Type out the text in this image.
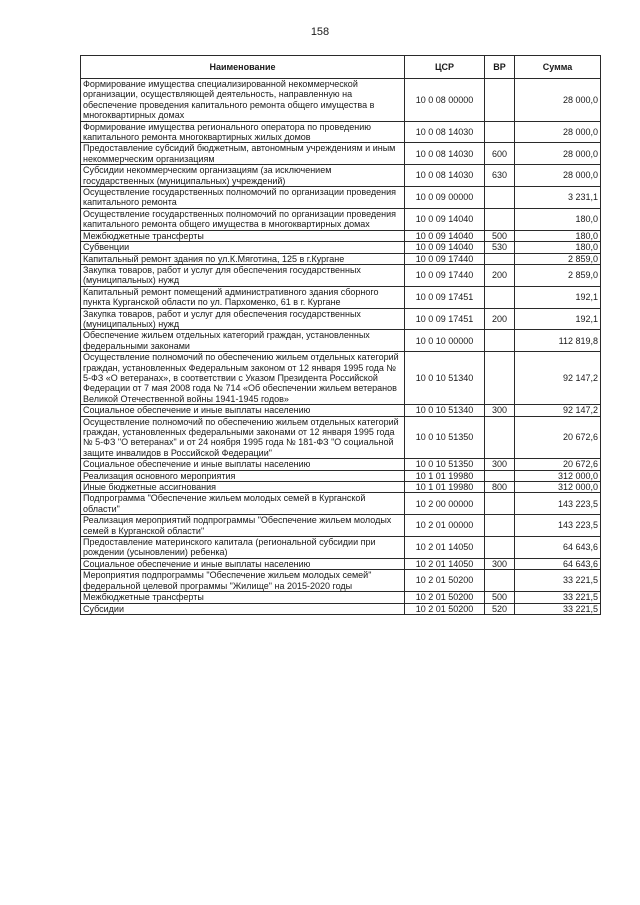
158
Наименование	ЦСР	ВР	Сумма
Формирование имущества специализированной некоммерческой организации, осуществляющей деятельность, направленную на обеспечение проведения капитального ремонта общего имущества в многоквартирных домах	10 0 08 00000		28 000,0
Формирование имущества регионального оператора по проведению капитального ремонта многоквартирных жилых домов	10 0 08 14030		28 000,0
Предоставление субсидий бюджетным, автономным учреждениям и иным некоммерческим организациям	10 0 08 14030	600	28 000,0
Субсидии некоммерческим организациям (за исключением государственных (муниципальных) учреждений)	10 0 08 14030	630	28 000,0
Осуществление государственных полномочий по организации проведения капитального ремонта	10 0 09 00000		3 231,1
Осуществление государственных полномочий по организации проведения капитального ремонта общего имущества в многоквартирных домах	10 0 09 14040		180,0
Межбюджетные трансферты	10 0 09 14040	500	180,0
Субвенции	10 0 09 14040	530	180,0
Капитальный ремонт здания по ул.К.Мяготина, 125 в г.Кургане	10 0 09 17440		2 859,0
Закупка товаров, работ и услуг для обеспечения государственных (муниципальных) нужд	10 0 09 17440	200	2 859,0
Капитальный ремонт помещений административного здания сборного пункта Курганской области по ул. Пархоменко, 61 в г. Кургане	10 0 09 17451		192,1
Закупка товаров, работ и услуг для обеспечения государственных (муниципальных) нужд	10 0 09 17451	200	192,1
Обеспечение жильем отдельных категорий граждан, установленных федеральными законами	10 0 10 00000		112 819,8
Осуществление полномочий по обеспечению жильем отдельных категорий граждан, установленных Федеральным законом от 12 января 1995 года № 5-ФЗ «О ветеранах», в соответствии с Указом Президента Российской Федерации от 7 мая 2008 года № 714 «Об обеспечении жильем ветеранов Великой Отечественной войны 1941-1945 годов»	10 0 10 51340		92 147,2
Социальное обеспечение и иные выплаты населению	10 0 10 51340	300	92 147,2
Осуществление полномочий по обеспечению жильем отдельных категорий граждан, установленных федеральными законами от 12 января 1995 года № 5-ФЗ "О ветеранах" и от 24 ноября 1995 года № 181-ФЗ "О социальной защите инвалидов в Российской Федерации"	10 0 10 51350		20 672,6
Социальное обеспечение и иные выплаты населению	10 0 10 51350	300	20 672,6
Реализация основного мероприятия	10 1 01 19980		312 000,0
Иные бюджетные ассигнования	10 1 01 19980	800	312 000,0
Подпрограмма "Обеспечение жильем молодых семей в Курганской области"	10 2 00 00000		143 223,5
Реализация мероприятий подпрограммы "Обеспечение жильем молодых семей в Курганской области"	10 2 01 00000		143 223,5
Предоставление материнского капитала (региональной субсидии при рождении (усыновлении) ребенка)	10 2 01 14050		64 643,6
Социальное обеспечение и иные выплаты населению	10 2 01 14050	300	64 643,6
Мероприятия подпрограммы "Обеспечение жильем молодых семей" федеральной целевой программы "Жилище" на 2015-2020 годы	10 2 01 50200		33 221,5
Межбюджетные трансферты	10 2 01 50200	500	33 221,5
Субсидии	10 2 01 50200	520	33 221,5
